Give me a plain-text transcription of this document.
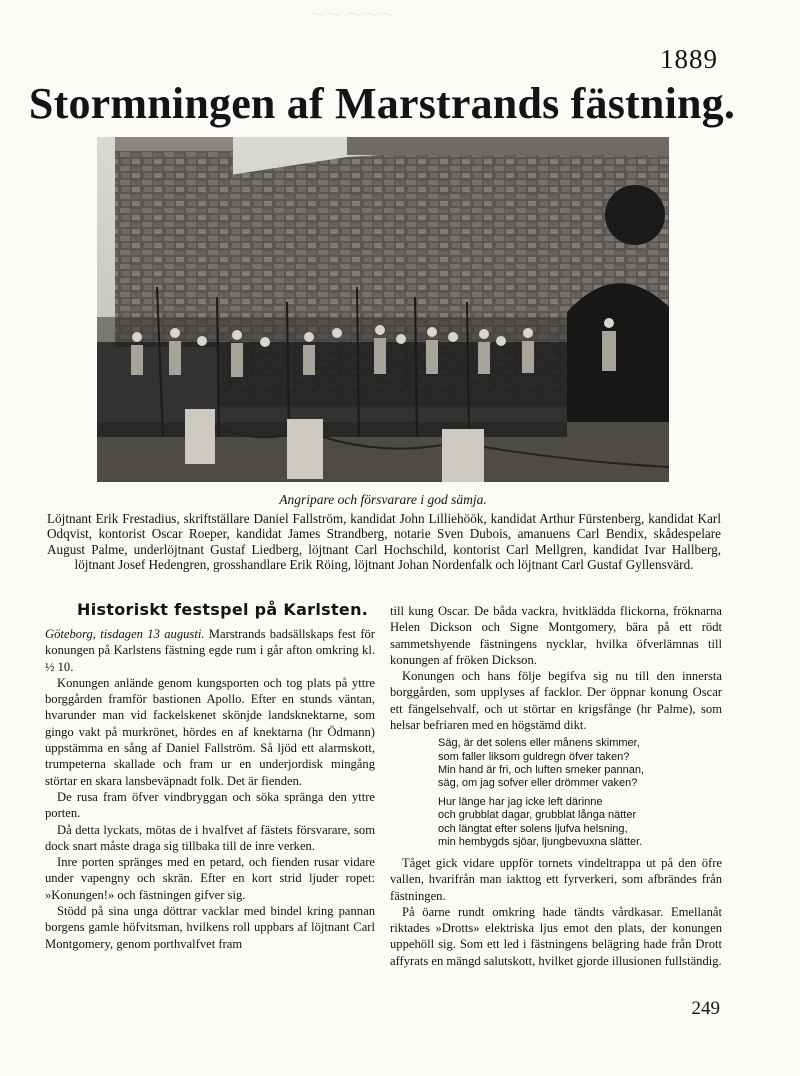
～～ ～～～
1889
Stormningen af Marstrands fästning.
Angripare och försvarare i god sämja.
Löjtnant Erik Frestadius, skriftställare Daniel Fallström, kandidat John Lilliehöök, kandidat Arthur Fürstenberg, kandidat Karl Odqvist, kontorist Oscar Roeper, kandidat James Strandberg, notarie Sven Dubois, amanuens Carl Bendix, skådespelare August Palme, underlöjtnant Gustaf Liedberg, löjtnant Carl Hochschild, kontorist Carl Mellgren, kandidat Ivar Hallberg, löjtnant Josef Hedengren, grosshandlare Erik Röing, löjtnant Johan Nordenfalk och löjtnant Carl Gustaf Gyllensvärd.
Historiskt festspel på Karlsten.

Göteborg, tisdagen 13 augusti. Marstrands badsällskaps fest för konungen på Karlstens fästning egde rum i går afton omkring kl. ½ 10.

Konungen anlände genom kungsporten och tog plats på yttre borggården framför bastionen Apollo. Efter en stunds väntan, hvarunder man vid fackelskenet skönjde landsknektarne, som gingo vakt på murkrönet, hördes en af knektarna (hr Ödmann) uppstämma en sång af Daniel Fallström. Så ljöd ett alarmskott, trumpeterna skallade och fram ur en underjordisk mingång störtar en skara lansbeväpnadt folk. Det är fienden.

De rusa fram öfver vindbryggan och söka spränga den yttre porten.

Då detta lyckats, mötas de i hvalfvet af fästets försvarare, som dock snart måste draga sig tillbaka till de inre verken.

Inre porten spränges med en petard, och fienden rusar vidare under vapengny och skrän. Efter en kort strid ljuder ropet: »Konungen!» och fästningen gifver sig.

Stödd på sina unga döttrar vacklar med bindel kring pannan borgens gamle höfvitsman, hvilkens roll uppbars af löjtnant Carl Montgomery, genom porthvalfvet fram

till kung Oscar. De båda vackra, hvitklädda flickorna, fröknarna Helen Dickson och Signe Montgomery, bära på ett rödt sammetshyende fästningens nycklar, hvilka öfverlämnas till konungen af fröken Dickson.

Konungen och hans följe begifva sig nu till den innersta borggården, som upplyses af facklor. Der öppnar konung Oscar ett fängelsehvalf, och ut störtar en krigsfånge (hr Palme), som helsar befriaren med en högstämd dikt.

Säg, är det solens eller månens skimmer,
som faller liksom guldregn öfver taken?
Min hand är fri, och luften smeker pannan,
säg, om jag sofver eller drömmer vaken?
Hur länge har jag icke left därinne
och grubblat dagar, grubblat långa nätter
och längtat efter solens ljufva helsning,
min hembygds sjöar, ljungbevuxna slätter.

Tåget gick vidare uppför tornets vindeltrappa ut på den öfre vallen, hvarifrån man iakttog ett fyrverkeri, som afbrändes från fästningen.

På öarne rundt omkring hade tändts vårdkasar. Emellanåt riktades »Drotts» elektriska ljus emot den plats, der konungen uppehöll sig. Som ett led i fästningens belägring hade från Drott affyrats en mängd salutskott, hvilket gjorde illusionen fullständig.

249
